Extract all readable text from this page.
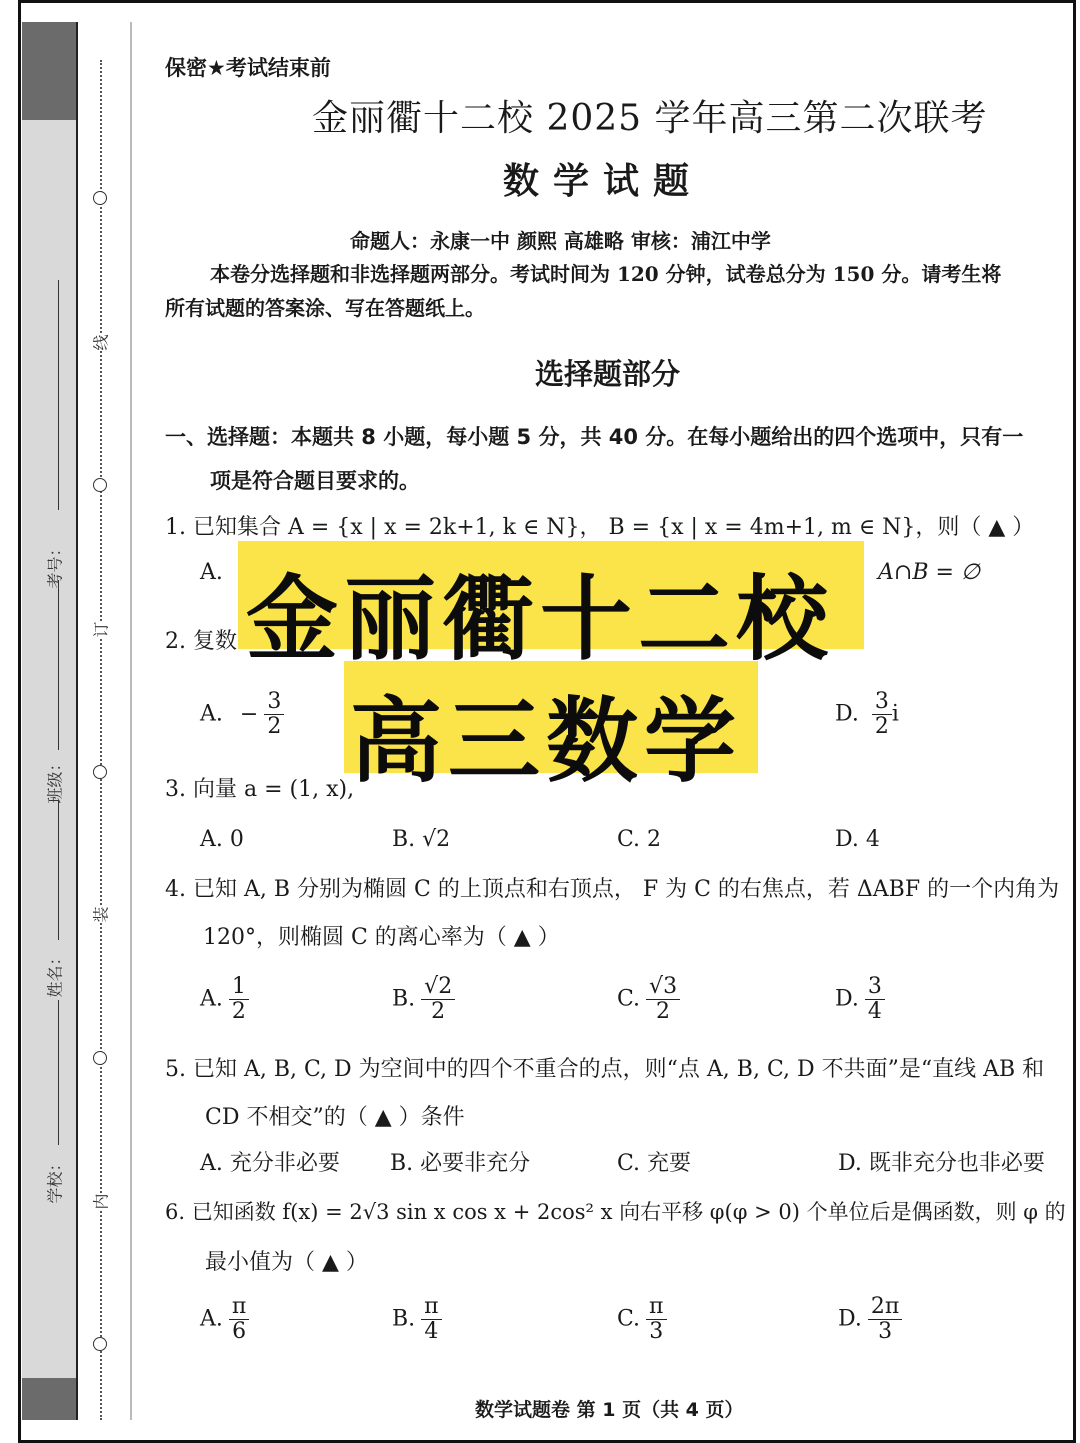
考号：
班级：
姓名：
学校：
线
订
装
内
保密★考试结束前
金丽衢十二校 2025 学年高三第二次联考
数学试题
命题人：永康一中 颜熙 高雄略 审核：浦江中学
本卷分选择题和非选择题两部分。考试时间为 120 分钟，试卷总分为 150 分。请考生将
所有试题的答案涂、写在答题纸上。
选择题部分
一、选择题：本题共 8 小题，每小题 5 分，共 40 分。在每小题给出的四个选项中，只有一
项是符合题目要求的。
1. 已知集合 A = {x | x = 2k+1, k ∈ N}， B = {x | x = 4m+1, m ∈ N}，则（ ▲ ）
A.	A∩B = ∅
2. 复数
A. − $\frac{3}{2}$	D. $\frac{3}{2}$ i
3. 向量 a = (1, x),
A. 0	B. √2	C. 2	D. 4
4. 已知 A, B 分别为椭圆 C 的上顶点和右顶点， F 为 C 的右焦点，若 ΔABF 的一个内角为
120°，则椭圆 C 的离心率为（ ▲ ）
A. $\frac{1}{2}$	B. $\frac{√2}{2}$	C. $\frac{√3}{2}$	D. $\frac{3}{4}$
5. 已知 A, B, C, D 为空间中的四个不重合的点，则“点 A, B, C, D 不共面”是“直线 AB 和
CD 不相交”的（ ▲ ）条件
A. 充分非必要 B. 必要非充分	C. 充要	D. 既非充分也非必要
6. 已知函数 f(x) = 2√3 sin x cos x + 2cos² x 向右平移 φ(φ > 0) 个单位后是偶函数，则 φ 的
最小值为（ ▲ ）
A. $\frac{\pi}{6}$	B. $\frac{\pi}{4}$	C. $\frac{\pi}{3}$	D. $\frac{2\pi}{3}$
数学试题卷 第 1 页（共 4 页）
金丽衢十二校
高三数学
